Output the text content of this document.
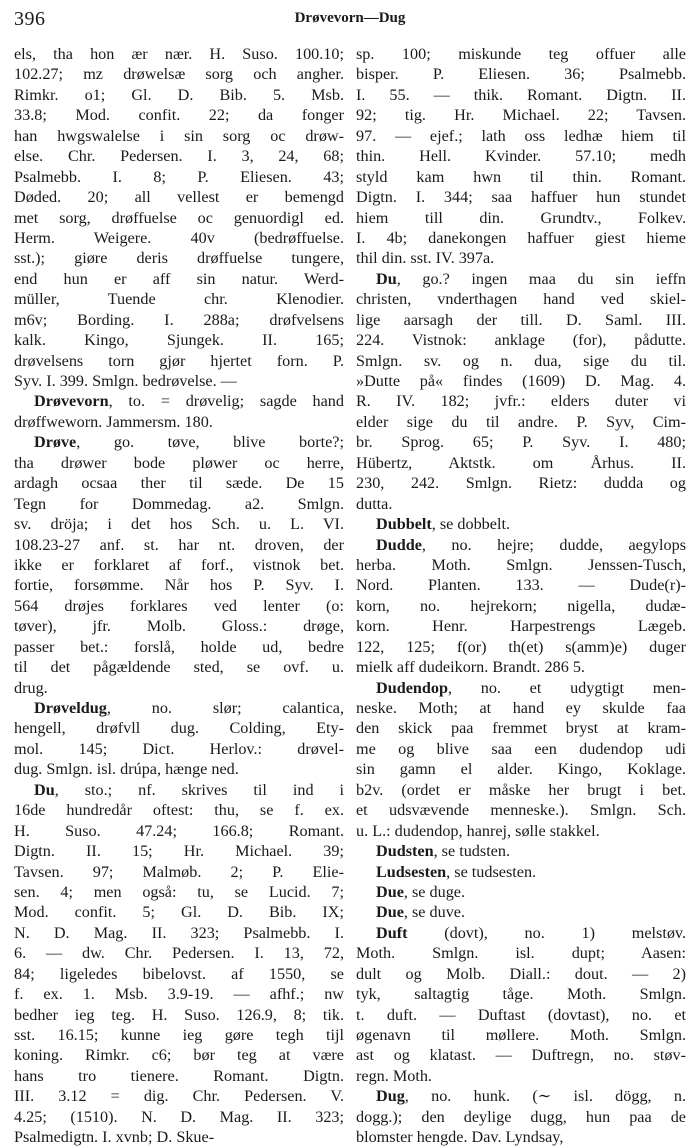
396	Drøvevorn—Dug
els, tha hon ær nær. H. Suso. 100.10;
102.27; mz drøwelsæ sorg och angher.
Rimkr. o1; Gl. D. Bib. 5. Msb.
33.8; Mod. confit. 22; da fonger
han hwgswalelse i sin sorg oc drøw-
else. Chr. Pedersen. I. 3, 24, 68;
Psalmebb. I. 8; P. Eliesen. 43;
Døded. 20; all vellest er bemengd
met sorg, drøffuelse oc genuordigl ed.
Herm. Weigere. 40v (bedrøffuelse.
sst.); giøre deris drøffuelse tungere,
end hun er aff sin natur. Werd-
müller, Tuende chr. Klenodier.
m6v; Bording. I. 288a; drøfvelsens
kalk. Kingo, Sjungek. II. 165;
drøvelsens torn gjør hjertet forn. P.
Syv. I. 399. Smlgn. bedrøvelse. —
Drøvevorn, to. = drøvelig; sagde hand
drøffweworn. Jammersm. 180.
Drøve, go. tøve, blive borte?;
tha drøwer bode pløwer oc herre,
ardagh ocsaa ther til sæde. De 15
Tegn for Dommedag. a2. Smlgn.
sv. dröja; i det hos Sch. u. L. VI.
108.23-27 anf. st. har nt. droven, der
ikke er forklaret af forf., vistnok bet.
fortie, forsømme. Når hos P. Syv. I.
564 drøjes forklares ved lenter (o:
tøver), jfr. Molb. Gloss.: drøge,
passer bet.: forslå, holde ud, bedre
til det pågældende sted, se ovf. u.
drug.
Drøveldug, no. slør; calantica,
hengell, drøfvll dug. Colding, Ety-
mol. 145; Dict. Herlov.: drøvel-
dug. Smlgn. isl. drúpa, hænge ned.
Du, sto.; nf. skrives til ind i
16de hundredår oftest: thu, se f. ex.
H. Suso. 47.24; 166.8; Romant.
Digtn. II. 15; Hr. Michael. 39;
Tavsen. 97; Malmøb. 2; P. Elie-
sen. 4; men også: tu, se Lucid. 7;
Mod. confit. 5; Gl. D. Bib. IX;
N. D. Mag. II. 323; Psalmebb. I.
6. — dw. Chr. Pedersen. I. 13, 72,
84; ligeledes bibelovst. af 1550, se
f. ex. 1. Msb. 3.9-19. — afhf.; nw
bedher ieg teg. H. Suso. 126.9, 8; tik.
sst. 16.15; kunne ieg gøre tegh tijl
koning. Rimkr. c6; bør teg at være
hans tro tienere. Romant. Digtn.
III. 3.12 = dig. Chr. Pedersen. V.
4.25; (1510). N. D. Mag. II. 323;
Psalmedigtn. I. xvnb; D. Skue-
sp. 100; miskunde teg offuer alle
bisper. P. Eliesen. 36; Psalmebb.
I. 55. — thik. Romant. Digtn. II.
92; tig. Hr. Michael. 22; Tavsen.
97. — ejef.; lath oss ledhæ hiem til
thin. Hell. Kvinder. 57.10; medh
styld kam hwn til thin. Romant.
Digtn. I. 344; saa haffuer hun stundet
hiem till din. Grundtv., Folkev.
I. 4b; danekongen haffuer giest hieme
thil din. sst. IV. 397a.
Du, go.? ingen maa du sin ieffn
christen, vnderthagen hand ved skiel-
lige aarsagh der till. D. Saml. III.
224. Vistnok: anklage (for), pådutte.
Smlgn. sv. og n. dua, sige du til.
»Dutte på« findes (1609) D. Mag. 4.
R. IV. 182; jvfr.: elders duter vi
elder sige du til andre. P. Syv, Cim-
br. Sprog. 65; P. Syv. I. 480;
Hübertz, Aktstk. om Århus. II.
230, 242. Smlgn. Rietz: dudda og
dutta.
Dubbelt, se dobbelt.
Dudde, no. hejre; dudde, aegylops
herba. Moth. Smlgn. Jenssen-Tusch,
Nord. Planten. 133. — Dude(r)-
korn, no. hejrekorn; nigella, dudæ-
korn. Henr. Harpestrengs Lægeb.
122, 125; f(or) th(et) s(amm)e) duger
mielk aff dudeikorn. Brandt. 286 5.
Dudendop, no. et udygtigt men-
neske. Moth; at hand ey skulde faa
den skick paa fremmet bryst at kram-
me og blive saa een dudendop udi
sin gamn el alder. Kingo, Koklage.
b2v. (ordet er måske her brugt i bet.
et udsvævende menneske.). Smlgn. Sch.
u. L.: dudendop, hanrej, sølle stakkel.
Dudsten, se tudsten.
Ludsesten, se tudsesten.
Due, se duge.
Due, se duve.
Duft (dovt), no. 1) melstøv.
Moth. Smlgn. isl. dupt; Aasen:
dult og Molb. Diall.: dout. — 2)
tyk, saltagtig tåge. Moth. Smlgn.
t. duft. — Duftast (dovtast), no. et
øgenavn til møllere. Moth. Smlgn.
ast og klatast. — Duftregn, no. støv-
regn. Moth.
Dug, no. hunk. (∼ isl. dögg, n.
dogg.); den deylige dugg, hun paa de
blomster hengde. Dav. Lyndsay,
